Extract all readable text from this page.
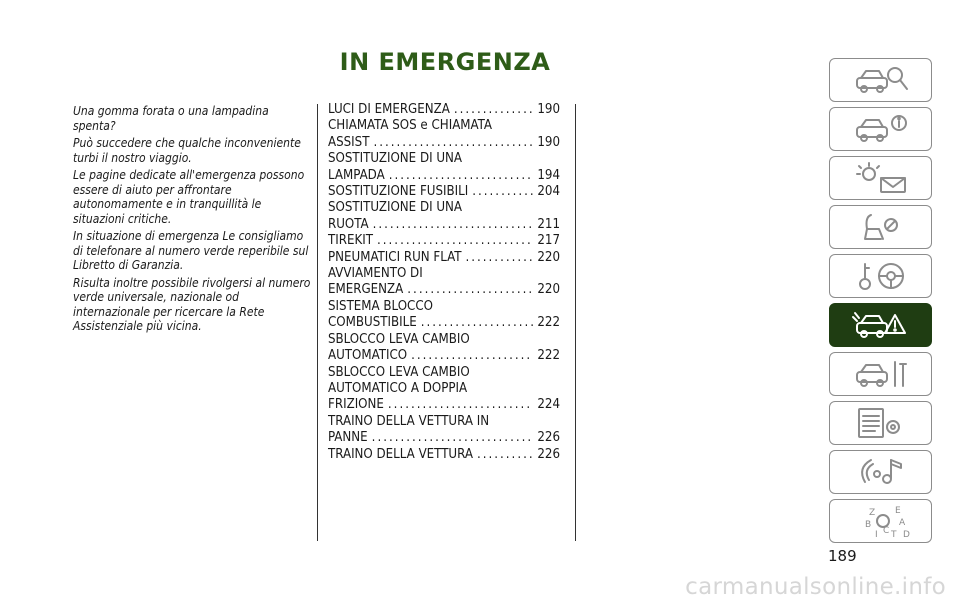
IN EMERGENZA

Una gomma forata o una lampadina spenta?

Può succedere che qualche inconveniente turbi il nostro viaggio.

Le pagine dedicate all'emergenza possono essere di aiuto per affrontare autonomamente e in tranquillità le situazioni critiche.

In situazione di emergenza Le consigliamo di telefonare al numero verde reperibile sul Libretto di Garanzia.

Risulta inoltre possibile rivolgersi al numero verde universale, nazionale od internazionale per ricercare la Rete Assistenziale più vicina.

LUCI DI EMERGENZA .....	190
CHIAMATA SOS e CHIAMATA
ASSIST .....	190
SOSTITUZIONE DI UNA
LAMPADA .....	194
SOSTITUZIONE FUSIBILI .....	204
SOSTITUZIONE DI UNA
RUOTA .....	211
TIREKIT .....	217
PNEUMATICI RUN FLAT .....	220
AVVIAMENTO DI
EMERGENZA .....	220
SISTEMA BLOCCO
COMBUSTIBILE .....	222
SBLOCCO LEVA CAMBIO
AUTOMATICO .....	222
SBLOCCO LEVA CAMBIO
AUTOMATICO A DOPPIA
FRIZIONE .....	224
TRAINO DELLA VETTURA IN
PANNE .....	226
TRAINO DELLA VETTURA .....	226
Z E
B	A
I C T D
189
carmanualsonline.info
